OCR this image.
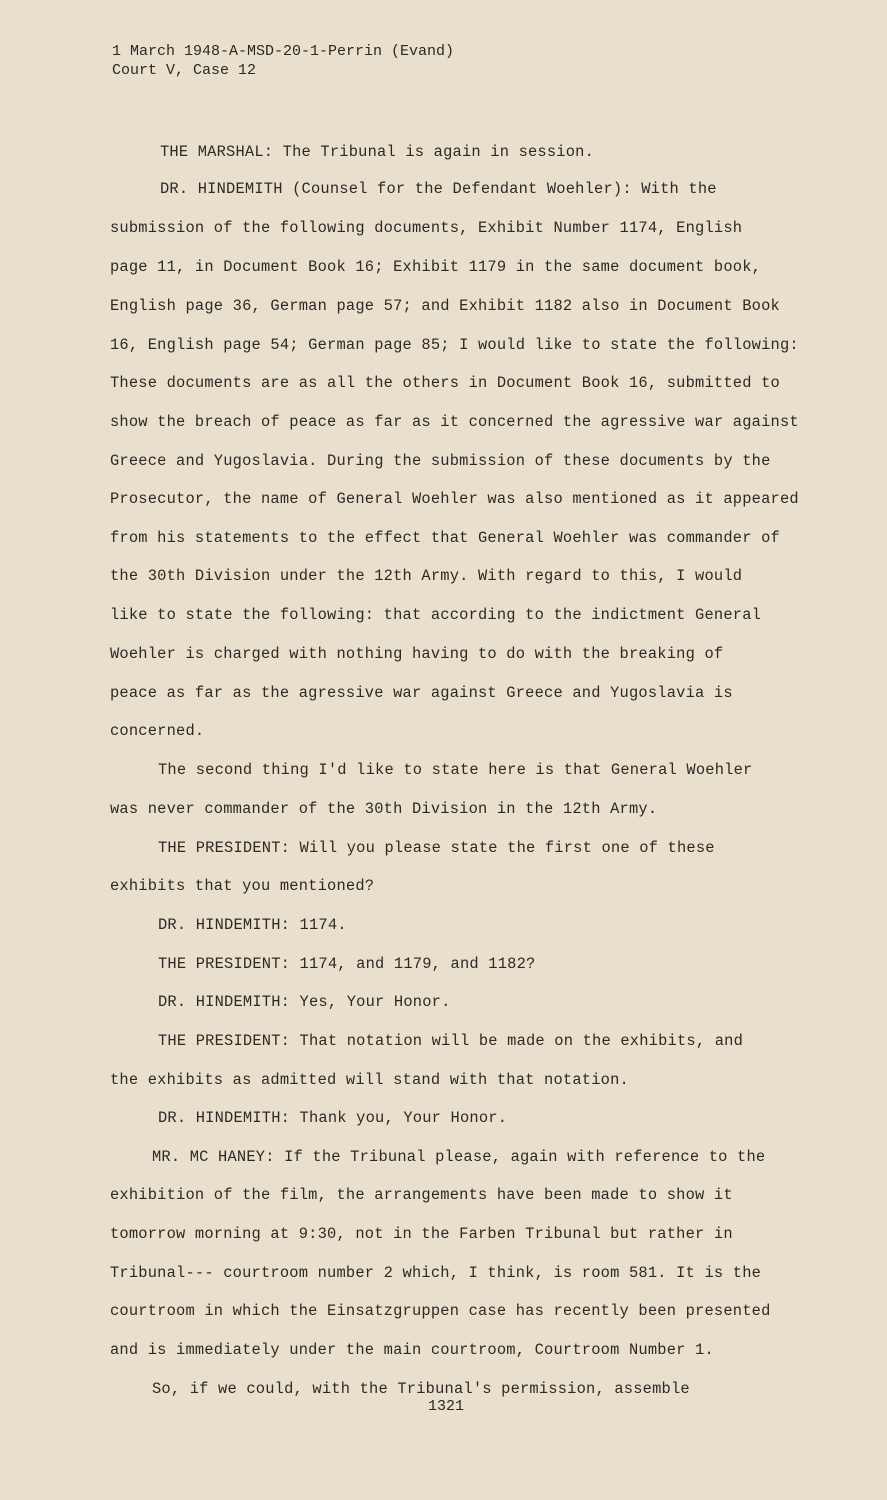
1 March 1948-A-MSD-20-1-Perrin (Evand)
Court V, Case 12
THE MARSHAL: The Tribunal is again in session.
DR. HINDEMITH (Counsel for the Defendant Woehler): With the
submission of the following documents, Exhibit Number 1174, English
page 11, in Document Book 16; Exhibit 1179 in the same document book,
English page 36, German page 57; and Exhibit 1182 also in Document Book
16, English page 54; German page 85; I would like to state the following:
These documents are as all the others in Document Book 16, submitted to
show the breach of peace as far as it concerned the agressive war against
Greece and Yugoslavia. During the submission of these documents by the
Prosecutor, the name of General Woehler was also mentioned as it appeared
from his statements to the effect that General Woehler was commander of
the 30th Division under the 12th Army. With regard to this, I would
like to state the following: that according to the indictment General
Woehler is charged with nothing having to do with the breaking of
peace as far as the agressive war against Greece and Yugoslavia is
concerned.
The second thing I'd like to state here is that General Woehler
was never commander of the 30th Division in the 12th Army.
THE PRESIDENT: Will you please state the first one of these
exhibits that you mentioned?
DR. HINDEMITH: 1174.
THE PRESIDENT: 1174, and 1179, and 1182?
DR. HINDEMITH: Yes, Your Honor.
THE PRESIDENT: That notation will be made on the exhibits, and
the exhibits as admitted will stand with that notation.
DR. HINDEMITH: Thank you, Your Honor.
MR. MC HANEY: If the Tribunal please, again with reference to the
exhibition of the film, the arrangements have been made to show it
tomorrow morning at 9:30, not in the Farben Tribunal but rather in
Tribunal--- courtroom number 2 which, I think, is room 581. It is the
courtroom in which the Einsatzgruppen case has recently been presented
and is immediately under the main courtroom, Courtroom Number 1.
So, if we could, with the Tribunal's permission, assemble
1321
